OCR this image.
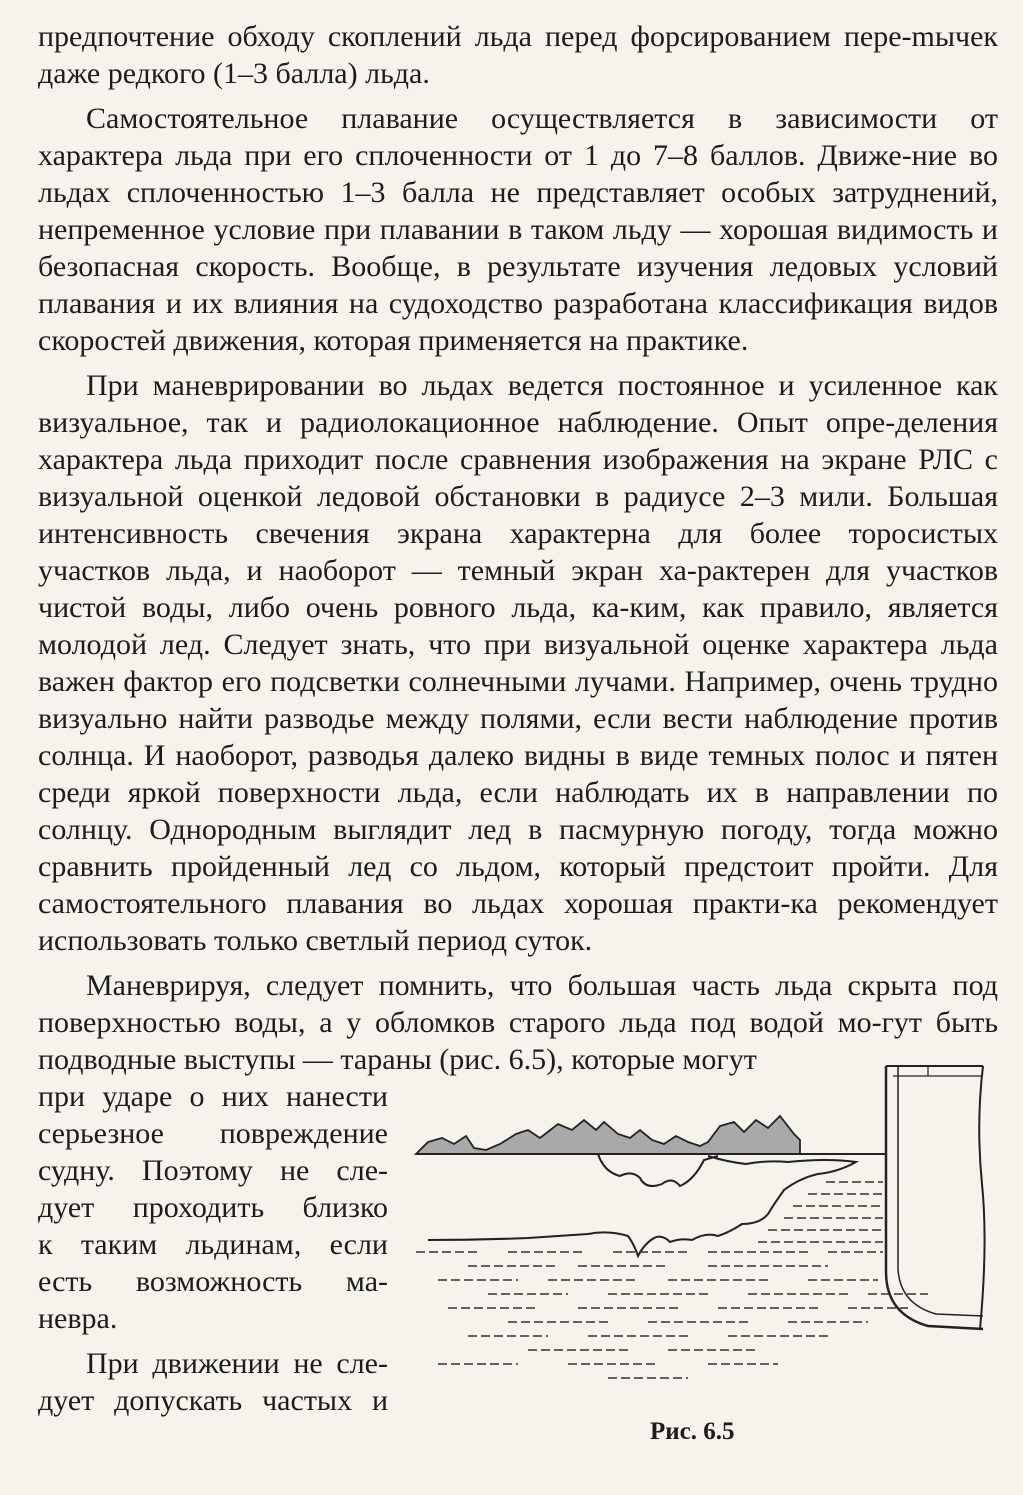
предпочтение обходу скоплений льда перед форсированием пере-mычек даже редкого (1–3 балла) льда.

Самостоятельное плавание осуществляется в зависимости от характера льда при его сплоченности от 1 до 7–8 баллов. Движе-ние во льдах сплоченностью 1–3 балла не представляет особых затруднений, непременное условие при плавании в таком льду — хорошая видимость и безопасная скорость. Вообще, в результате изучения ледовых условий плавания и их влияния на судоходство разработана классификация видов скоростей движения, которая применяется на практике.

При маневрировании во льдах ведется постоянное и усиленное как визуальное, так и радиолокационное наблюдение. Опыт опре-деления характера льда приходит после сравнения изображения на экране РЛС с визуальной оценкой ледовой обстановки в радиусе 2–3 мили. Большая интенсивность свечения экрана характерна для более торосистых участков льда, и наоборот — темный экран ха-рактерен для участков чистой воды, либо очень ровного льда, ка-ким, как правило, является молодой лед. Следует знать, что при визуальной оценке характера льда важен фактор его подсветки солнечными лучами. Например, очень трудно визуально найти разводье между полями, если вести наблюдение против солнца. И наоборот, разводья далеко видны в виде темных полос и пятен среди яркой поверхности льда, если наблюдать их в направлении по солнцу. Однородным выглядит лед в пасмурную погоду, тогда можно сравнить пройденный лед со льдом, который предстоит пройти. Для самостоятельного плавания во льдах хорошая практи-ка рекомендует использовать только светлый период суток.

Маневрируя, следует помнить, что большая часть льда скрыта под поверхностью воды, а у обломков старого льда под водой мо-гут быть подводные выступы — тараны (рис. 6.5), которые могут

при ударе о них нанести

серьезное повреждение

судну. Поэтому не сле-

дует проходить близко

к таким льдинам, если

есть возможность ма-

невра.

При движении не сле-

дует допускать частых и

Рис. 6.5
